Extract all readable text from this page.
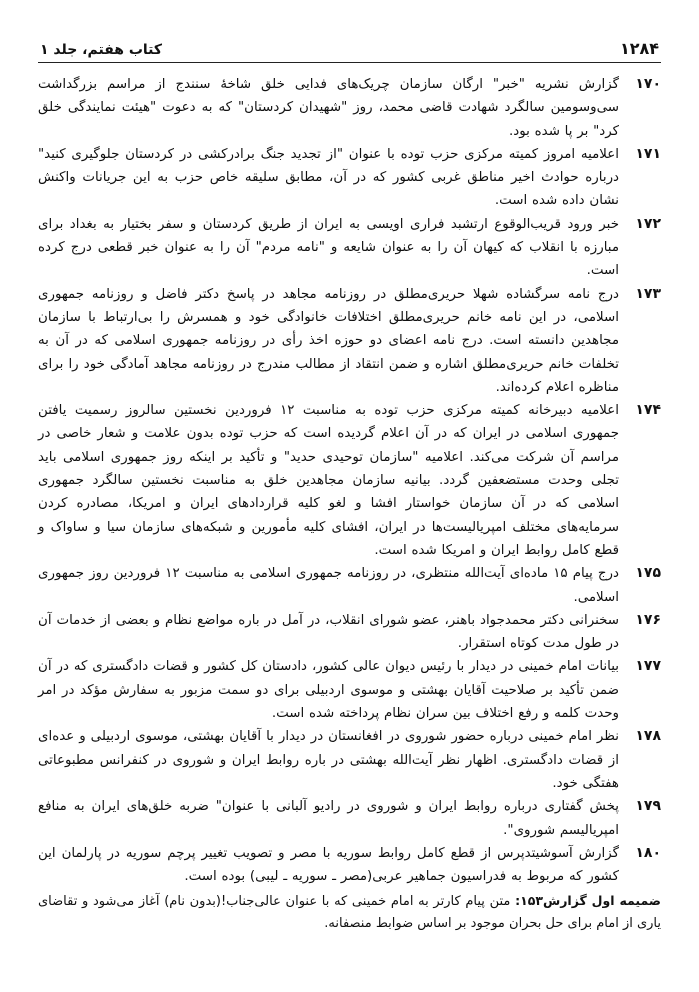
۱۲۸۴
کتاب هفتم، جلد ۱
۱۷۰
گزارش نشریه "خبر" ارگان سازمان چریک‌های فدایی خلق شاخهٔ سنندج از مراسم بزرگداشت سی‌وسومین سالگرد شهادت قاضی محمد، روز "شهیدان کردستان" که به دعوت "هیئت نمایندگی خلق کرد" بر پا شده بود.
۱۷۱
اعلامیه امروز کمیته مرکزی حزب توده با عنوان "از تجدید جنگ برادرکشی در کردستان جلوگیری کنید" درباره حوادث اخیر مناطق غربی کشور که در آن، مطابق سلیقه خاص حزب به این جریانات واکنش نشان داده شده است.
۱۷۲
خبر ورود قریب‌الوقوع ارتشبد فراری اویسی به ایران از طریق کردستان و سفر بختیار به بغداد برای مبارزه با انقلاب که کیهان آن را به عنوان شایعه و "نامه مردم" آن را به عنوان خبر قطعی درج کرده است.
۱۷۳
درج نامه سرگشاده شهلا حریری‌مطلق در روزنامه مجاهد در پاسخ دکتر فاضل و روزنامه جمهوری اسلامی، در این نامه خانم حریری‌مطلق اختلافات خانوادگی خود و همسرش را بی‌ارتباط با سازمان مجاهدین دانسته است. درج نامه اعضای دو حوزه اخذ رأی در روزنامه جمهوری اسلامی که در آن به تخلفات خانم حریری‌مطلق اشاره و ضمن انتقاد از مطالب مندرج در روزنامه مجاهد آمادگی خود را برای مناظره اعلام کرده‌اند.
۱۷۴
اعلامیه دبیرخانه کمیته مرکزی حزب توده به مناسبت ۱۲ فروردین نخستین سالروز رسمیت یافتن جمهوری اسلامی در ایران که در آن اعلام گردیده است که حزب توده بدون علامت و شعار خاصی در مراسم آن شرکت می‌کند. اعلامیه "سازمان توحیدی حدید" و تأکید بر اینکه روز جمهوری اسلامی باید تجلی وحدت مستضعفین گردد. بیانیه سازمان مجاهدین خلق به مناسبت نخستین سالگرد جمهوری اسلامی که در آن سازمان خواستار افشا و لغو کلیه قراردادهای ایران و امریکا، مصادره کردن سرمایه‌های مختلف امپریالیست‌ها در ایران، افشای کلیه مأمورین و شبکه‌های سازمان سیا و ساواک و قطع کامل روابط ایران و امریکا شده است.
۱۷۵
درج پیام ۱۵ ماده‌ای آیت‌الله منتظری، در روزنامه جمهوری اسلامی به مناسبت ۱۲ فروردین روز جمهوری اسلامی.
۱۷۶
سخنرانی دکتر محمدجواد باهنر، عضو شورای انقلاب، در آمل در باره مواضع نظام و بعضی از خدمات آن در طول مدت کوتاه استقرار.
۱۷۷
بیانات امام خمینی در دیدار با رئیس دیوان عالی کشور، دادستان کل کشور و قضات دادگستری که در آن ضمن تأکید بر صلاحیت آقایان بهشتی و موسوی اردبیلی برای دو سمت مزبور به سفارش مؤکد در امر وحدت کلمه و رفع اختلاف بین سران نظام پرداخته شده است.
۱۷۸
نظر امام خمینی درباره حضور شوروی در افغانستان در دیدار با آقایان بهشتی، موسوی اردبیلی و عده‌ای از قضات دادگستری. اظهار نظر آیت‌الله بهشتی در باره روابط ایران و شوروی در کنفرانس مطبوعاتی هفتگی خود.
۱۷۹
پخش گفتاری درباره روابط ایران و شوروی در رادیو آلبانی با عنوان" ضربه خلق‌های ایران به منافع امپریالیسم شوروی".
۱۸۰
گزارش آسوشیتدپرس از قطع کامل روابط سوریه با مصر و تصویب تغییر پرچم سوریه در پارلمان این کشور که مربوط به فدراسیون جماهیر عربی(مصر ـ سوریه ـ لیبی) بوده است.
ضمیمه اول گزارش۱۵۳: متن پیام کارتر به امام خمینی که با عنوان عالی‌جناب!(بدون نام) آغاز می‌شود و تقاضای یاری از امام برای حل بحران موجود بر اساس ضوابط منصفانه.
